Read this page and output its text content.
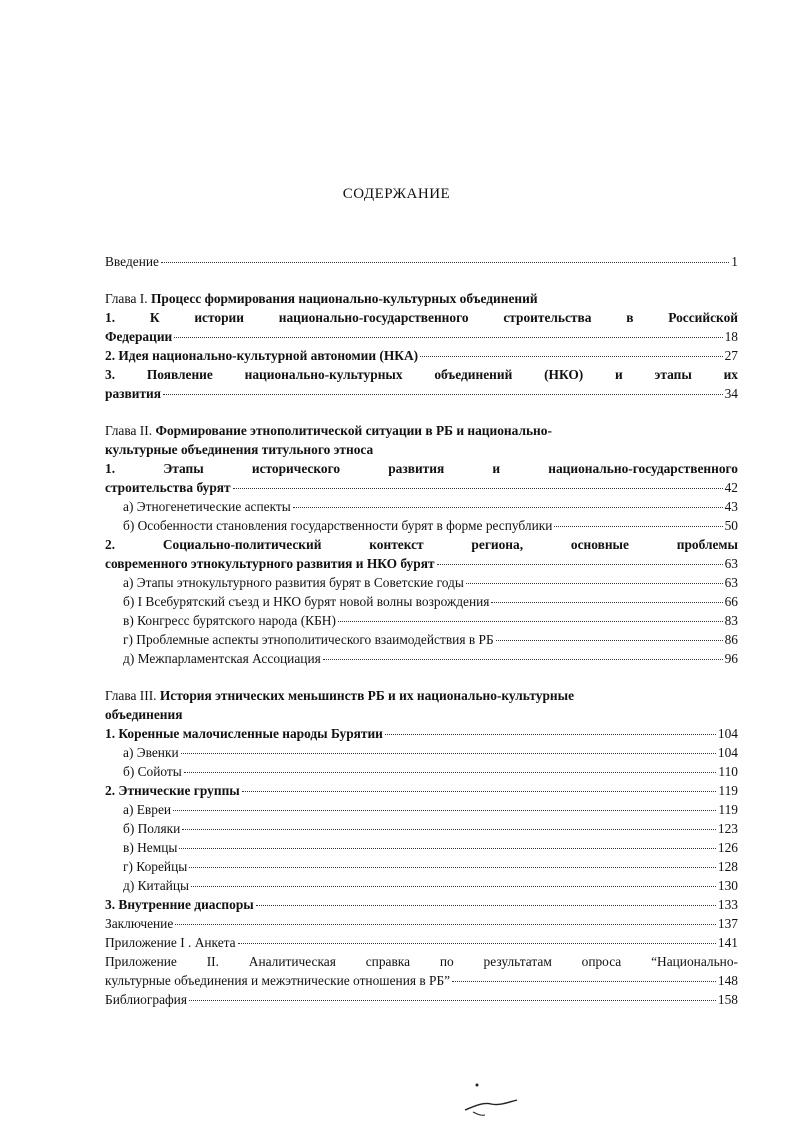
СОДЕРЖАНИЕ
Введение	1
Глава I. Процесс формирования национально-культурных объединений
1. К истории национально-государственного строительства в Российской
Федерации	18
2. Идея национально-культурной автономии (НКА)	27
3. Появление национально-культурных объединений (НКО) и этапы их
развития	34
Глава II. Формирование этнополитической ситуации в РБ и национально-
культурные объединения титульного этноса
1. Этапы исторического развития и национально-государственного
строительства бурят	42
а) Этногенетические аспекты	43
б) Особенности становления государственности бурят в форме республики	50
2. Социально-политический контекст региона, основные проблемы
современного этнокультурного развития и НКО бурят	63
а) Этапы этнокультурного развития бурят в Советские годы	63
б) I Всебурятский съезд и НКО бурят новой волны возрождения	66
в) Конгресс бурятского народа (КБН)	83
г) Проблемные аспекты этнополитического взаимодействия в РБ	86
д) Межпарламентская Ассоциация	96
Глава III. История этнических меньшинств РБ и их национально-культурные
объединения
1. Коренные малочисленные народы Бурятии	104
а) Эвенки	104
б) Сойоты	110
2. Этнические группы	119
а) Евреи	119
б) Поляки	123
в) Немцы	126
г) Корейцы	128
д) Китайцы	130
3. Внутренние диаспоры	133
Заключение	137
Приложение I . Анкета	141
Приложение II. Аналитическая справка по результатам опроса “Национально-
культурные объединения и межэтнические отношения в РБ”	148
Библиография	158
